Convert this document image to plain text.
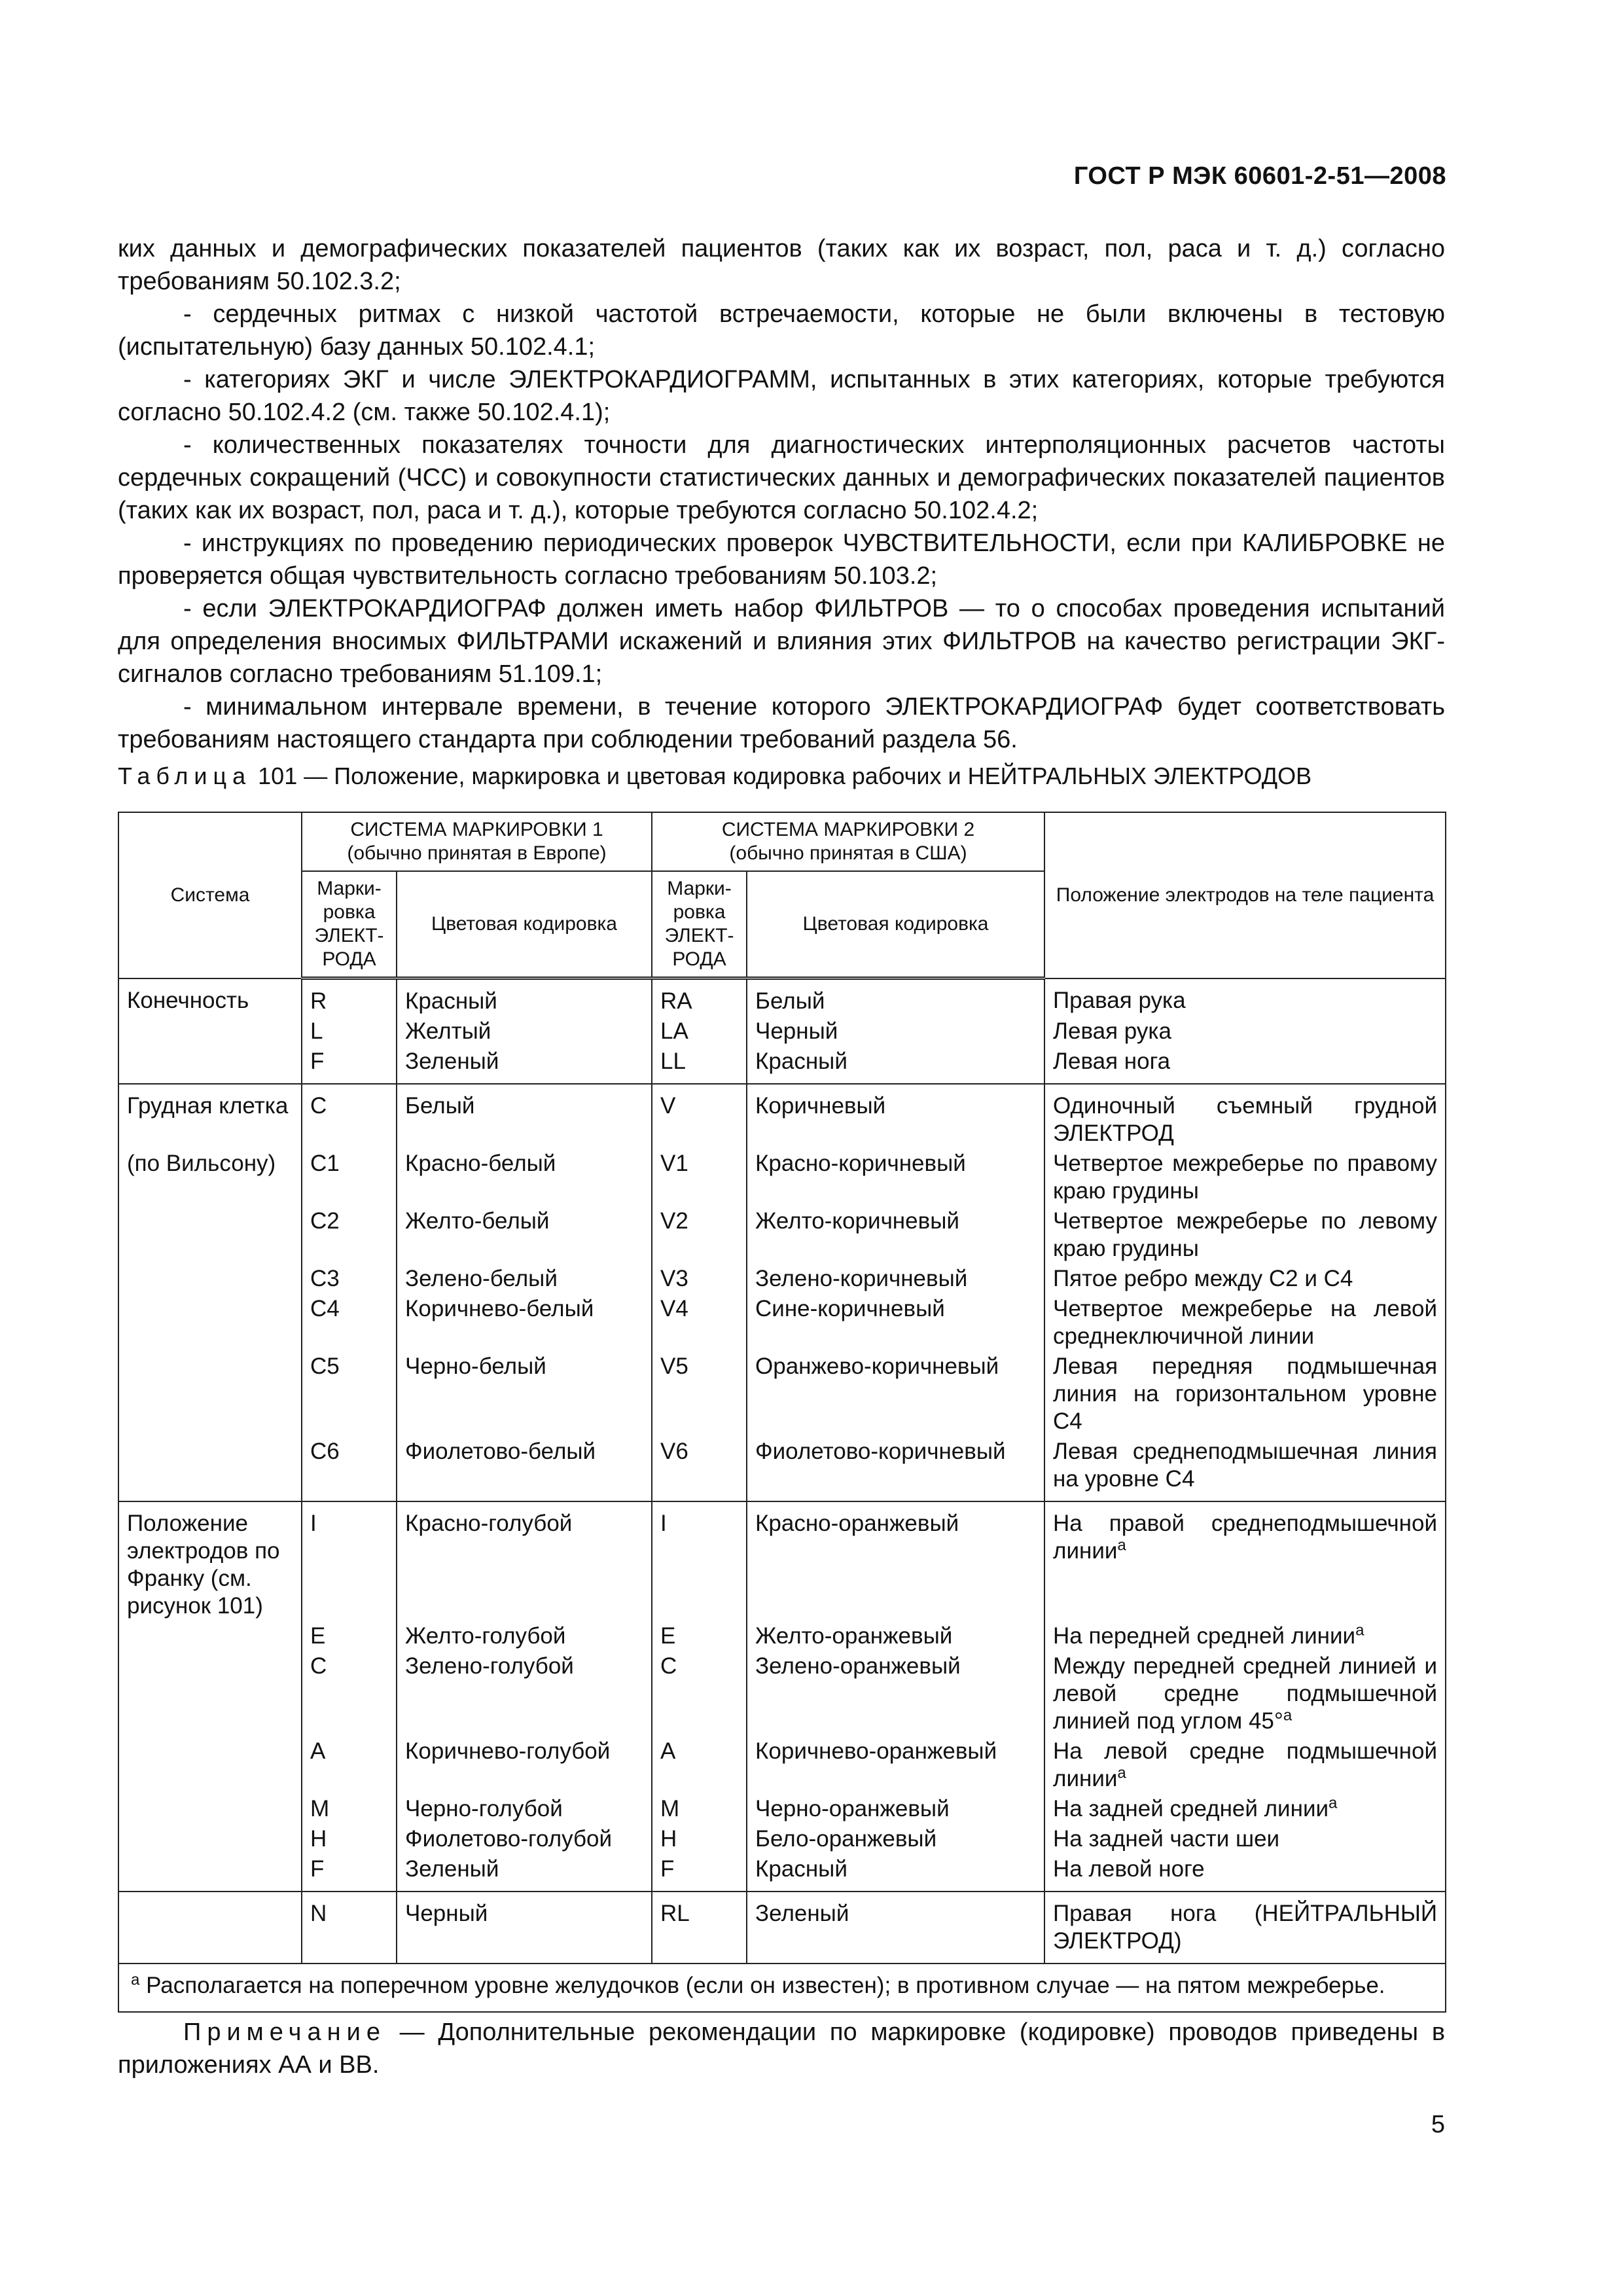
ГОСТ Р МЭК 60601-2-51—2008

ких данных и демографических показателей пациентов (таких как их возраст, пол, раса и т. д.) согласно требованиям 50.102.3.2;

- сердечных ритмах с низкой частотой встречаемости, которые не были включены в тестовую (испытательную) базу данных 50.102.4.1;

- категориях ЭКГ и числе ЭЛЕКТРОКАРДИОГРАММ, испытанных в этих категориях, которые требуются согласно 50.102.4.2 (см. также 50.102.4.1);

- количественных показателях точности для диагностических интерполяционных расчетов частоты сердечных сокращений (ЧСС) и совокупности статистических данных и демографических показателей пациентов (таких как их возраст, пол, раса и т. д.), которые требуются согласно 50.102.4.2;

- инструкциях по проведению периодических проверок ЧУВСТВИТЕЛЬНОСТИ, если при КАЛИБРОВКЕ не проверяется общая чувствительность согласно требованиям 50.103.2;

- если ЭЛЕКТРОКАРДИОГРАФ должен иметь набор ФИЛЬТРОВ — то о способах проведения испытаний для определения вносимых ФИЛЬТРАМИ искажений и влияния этих ФИЛЬТРОВ на качество регистрации ЭКГ-сигналов согласно требованиям 51.109.1;

- минимальном интервале времени, в течение которого ЭЛЕКТРОКАРДИОГРАФ будет соответствовать требованиям настоящего стандарта при соблюдении требований раздела 56.

Таблица 101 — Положение, маркировка и цветовая кодировка рабочих и НЕЙТРАЛЬНЫХ ЭЛЕКТРОДОВ
Система	СИСТЕМА МАРКИРОВКИ 1
(обычно принятая в Европе)		СИСТЕМА МАРКИРОВКИ 2
(обычно принятая в США)		Положение электродов на теле пациента
	Марки-
ровка
ЭЛЕКТ-
РОДА	Цветовая кодировка	Марки-
ровка
ЭЛЕКТ-
РОДА	Цветовая кодировка	
Конечность	R	Красный	RA	Белый	Правая рука
	L	Желтый	LA	Черный	Левая рука
	F	Зеленый	LL	Красный	Левая нога
Грудная клетка	C	Белый	V	Коричневый	Одиночный съемный грудной ЭЛЕКТРОД
(по Вильсону)	C1	Красно-белый	V1	Красно-коричневый	Четвертое межреберье по правому краю грудины
	C2	Желто-белый	V2	Желто-коричневый	Четвертое межреберье по левому краю грудины
	C3	Зелено-белый	V3	Зелено-коричневый	Пятое ребро между C2 и C4
	C4	Коричнево-белый	V4	Сине-коричневый	Четвертое межреберье на левой среднеключичной линии
	C5	Черно-белый	V5	Оранжево-коричневый	Левая передняя подмышечная линия на горизонтальном уровне C4
	C6	Фиолетово-белый	V6	Фиолетово-коричневый	Левая среднеподмышечная линия на уровне C4
Положение электродов по Франку (см. рисунок 101)	I	Красно-голубой	I	Красно-оранжевый	На правой среднеподмышечной линии$^a$
	E	Желто-голубой	E	Желто-оранжевый	На передней средней линии$^a$
	C	Зелено-голубой	C	Зелено-оранжевый	Между передней средней линией и левой средне подмышечной линией под углом 45°$^a$
	A	Коричнево-голубой	A	Коричнево-оранжевый	На левой средне подмышечной линии$^a$
	M	Черно-голубой	M	Черно-оранжевый	На задней средней линии$^a$
	H	Фиолетово-голубой	H	Бело-оранжевый	На задней части шеи
	F	Зеленый	F	Красный	На левой ноге
	N	Черный	RL	Зеленый	Правая нога (НЕЙТРАЛЬНЫЙ ЭЛЕКТРОД)
$^a$ Располагается на поперечном уровне желудочков (если он известен); в противном случае — на пятом межреберье.					
Примечание — Дополнительные рекомендации по маркировке (кодировке) проводов приведены в приложениях АА и ВВ.
5
